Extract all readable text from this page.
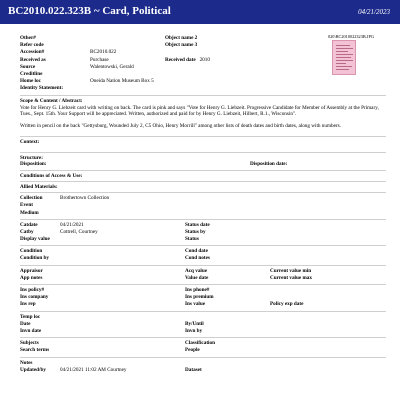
BC2010.022.323B ~ Card, Political	04/21/2023
020\BC2010022323B.JPG
Other#	Object name 2
Refer code	Object name 3
Accession#	BC2010.022
Received as	Purchase	Received date 2010
Source	Walentowski, Gerald
Creditline
Home loc	Oneida Nation Museum Box 5
Identity Statement:
Scope & Content / Abstract:
Vote for Henry G. Liebzeit card with writing on back. The card is pink and says "Vote for Henry G. Liebzeit. Progressive Candidate for Member of Assembly at the Primary, Tues., Sept. 15th. Your Support will be appreciated. Written, authorized and paid for by Henry G. Liebzeit, Hilbert, R.1., Wisconsin".
Written in pencil on the back "Gettysburg, Wounded July 2, C5 Ohio, Henry Morrill" among other lists of death dates and birth dates, along with numbers.
Context:
Structure:
Disposition:	Disposition date:
Conditions of Access & Use:
Allied Materials:
Collection	Brothertown Collection
Event
Medium
Catdate	04/21/2021	Status date
Catby	Cottrell, Courtney	Status by
Display value	Status
Condition	Cond date
Condition by	Cond notes
Appraisor	Acq value	Current value min
App notes	Value date	Current value max
Ins policy#	Ins phone#
Ins company	Ins premium
Ins rep	Ins value	Policy exp date
Temp loc
Date	By/Until
Invn date	Invn by
Subjects	Classification
Search terms	People
Notes
Updated/by	04/21/2021 11:02 AM Courtney	Dataset
